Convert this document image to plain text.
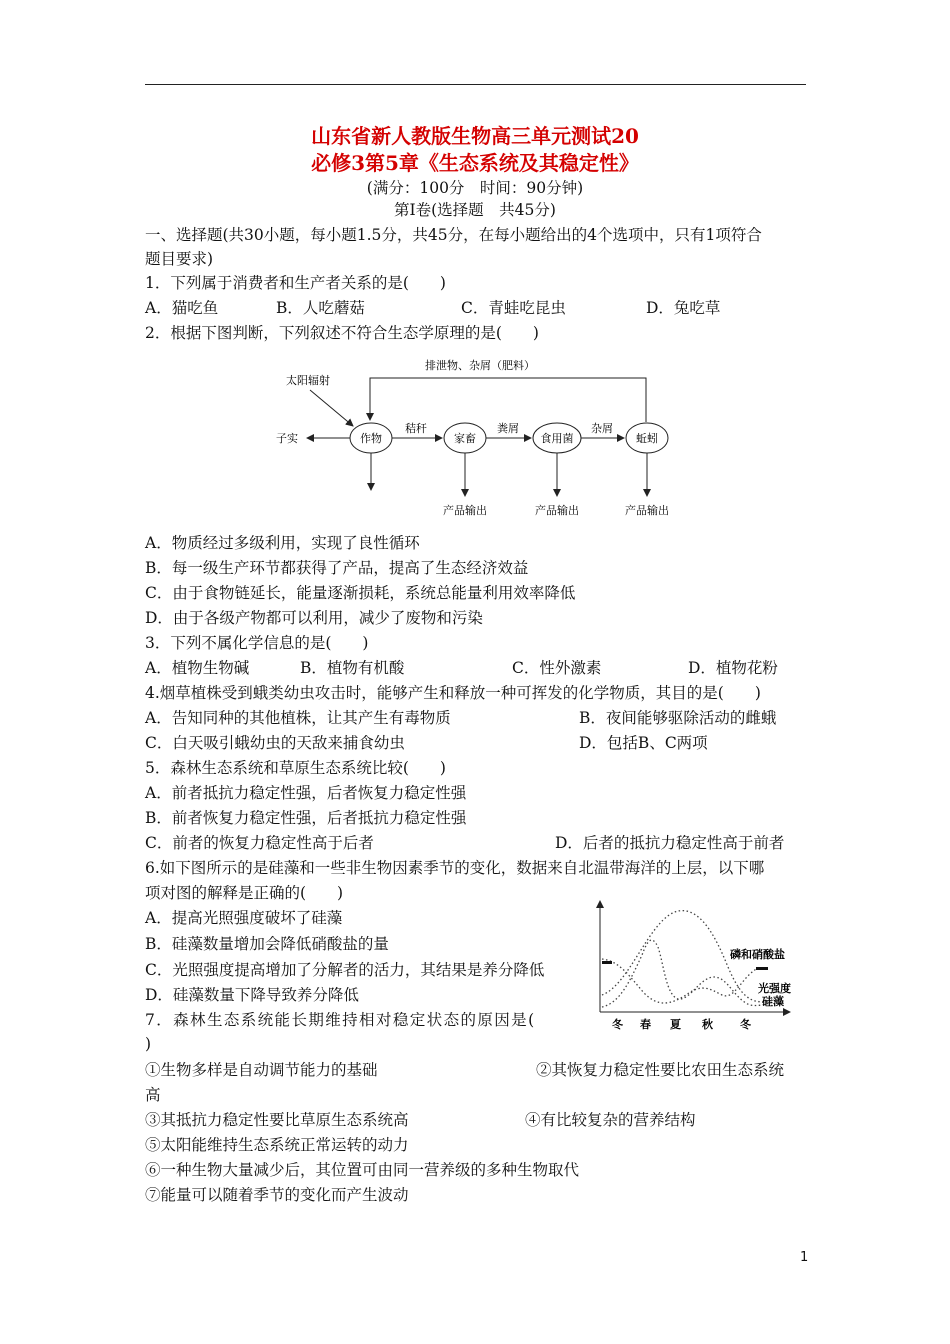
山东省新人教版生物高三单元测试20
必修3第5章《生态系统及其稳定性》
(满分：100分　时间：90分钟)
第Ⅰ卷(选择题　共45分)
一、选择题(共30小题，每小题1.5分，共45分，在每小题给出的4个选项中，只有1项符合
题目要求)
1．下列属于消费者和生产者关系的是(　　)
A．猫吃鱼	B．人吃蘑菇	C．青蛙吃昆虫	D．兔吃草
2．根据下图判断，下列叙述不符合生态学原理的是(　　)
排泄物、杂屑（肥料）
太阳辐射
子实	作物	家畜	食用菌	蚯蚓
秸秆	粪屑	杂屑
产品输出	产品输出	产品输出
A．物质经过多级利用，实现了良性循环
B．每一级生产环节都获得了产品，提高了生态经济效益
C．由于食物链延长，能量逐渐损耗，系统总能量利用效率降低
D．由于各级产物都可以利用，减少了废物和污染
3．下列不属化学信息的是(　　)
A．植物生物碱	B．植物有机酸	C．性外激素	D．植物花粉
4.烟草植株受到蛾类幼虫攻击时，能够产生和释放一种可挥发的化学物质，其目的是(　　)
A．告知同种的其他植株，让其产生有毒物质	B．夜间能够驱除活动的雌蛾
C．白天吸引蛾幼虫的天敌来捕食幼虫	D．包括B、C两项
5．森林生态系统和草原生态系统比较(　　)
A．前者抵抗力稳定性强，后者恢复力稳定性强
B．前者恢复力稳定性强，后者抵抗力稳定性强
C．前者的恢复力稳定性高于后者	D．后者的抵抗力稳定性高于前者
6.如下图所示的是硅藻和一些非生物因素季节的变化，数据来自北温带海洋的上层，以下哪
项对图的解释是正确的(　　)
A．提高光照强度破坏了硅藻
B．硅藻数量增加会降低硝酸盐的量
C．光照强度提高增加了分解者的活力，其结果是养分降低
D．硅藻数量下降导致养分降低
磷和硝酸盐
光强度
硅藻
冬 春 夏 秋 冬
7．森林生态系统能长期维持相对稳定状态的原因是(
)
①生物多样是自动调节能力的基础	②其恢复力稳定性要比农田生态系统
高
③其抵抗力稳定性要比草原生态系统高	④有比较复杂的营养结构
⑤太阳能维持生态系统正常运转的动力
⑥一种生物大量减少后，其位置可由同一营养级的多种生物取代
⑦能量可以随着季节的变化而产生波动
1
